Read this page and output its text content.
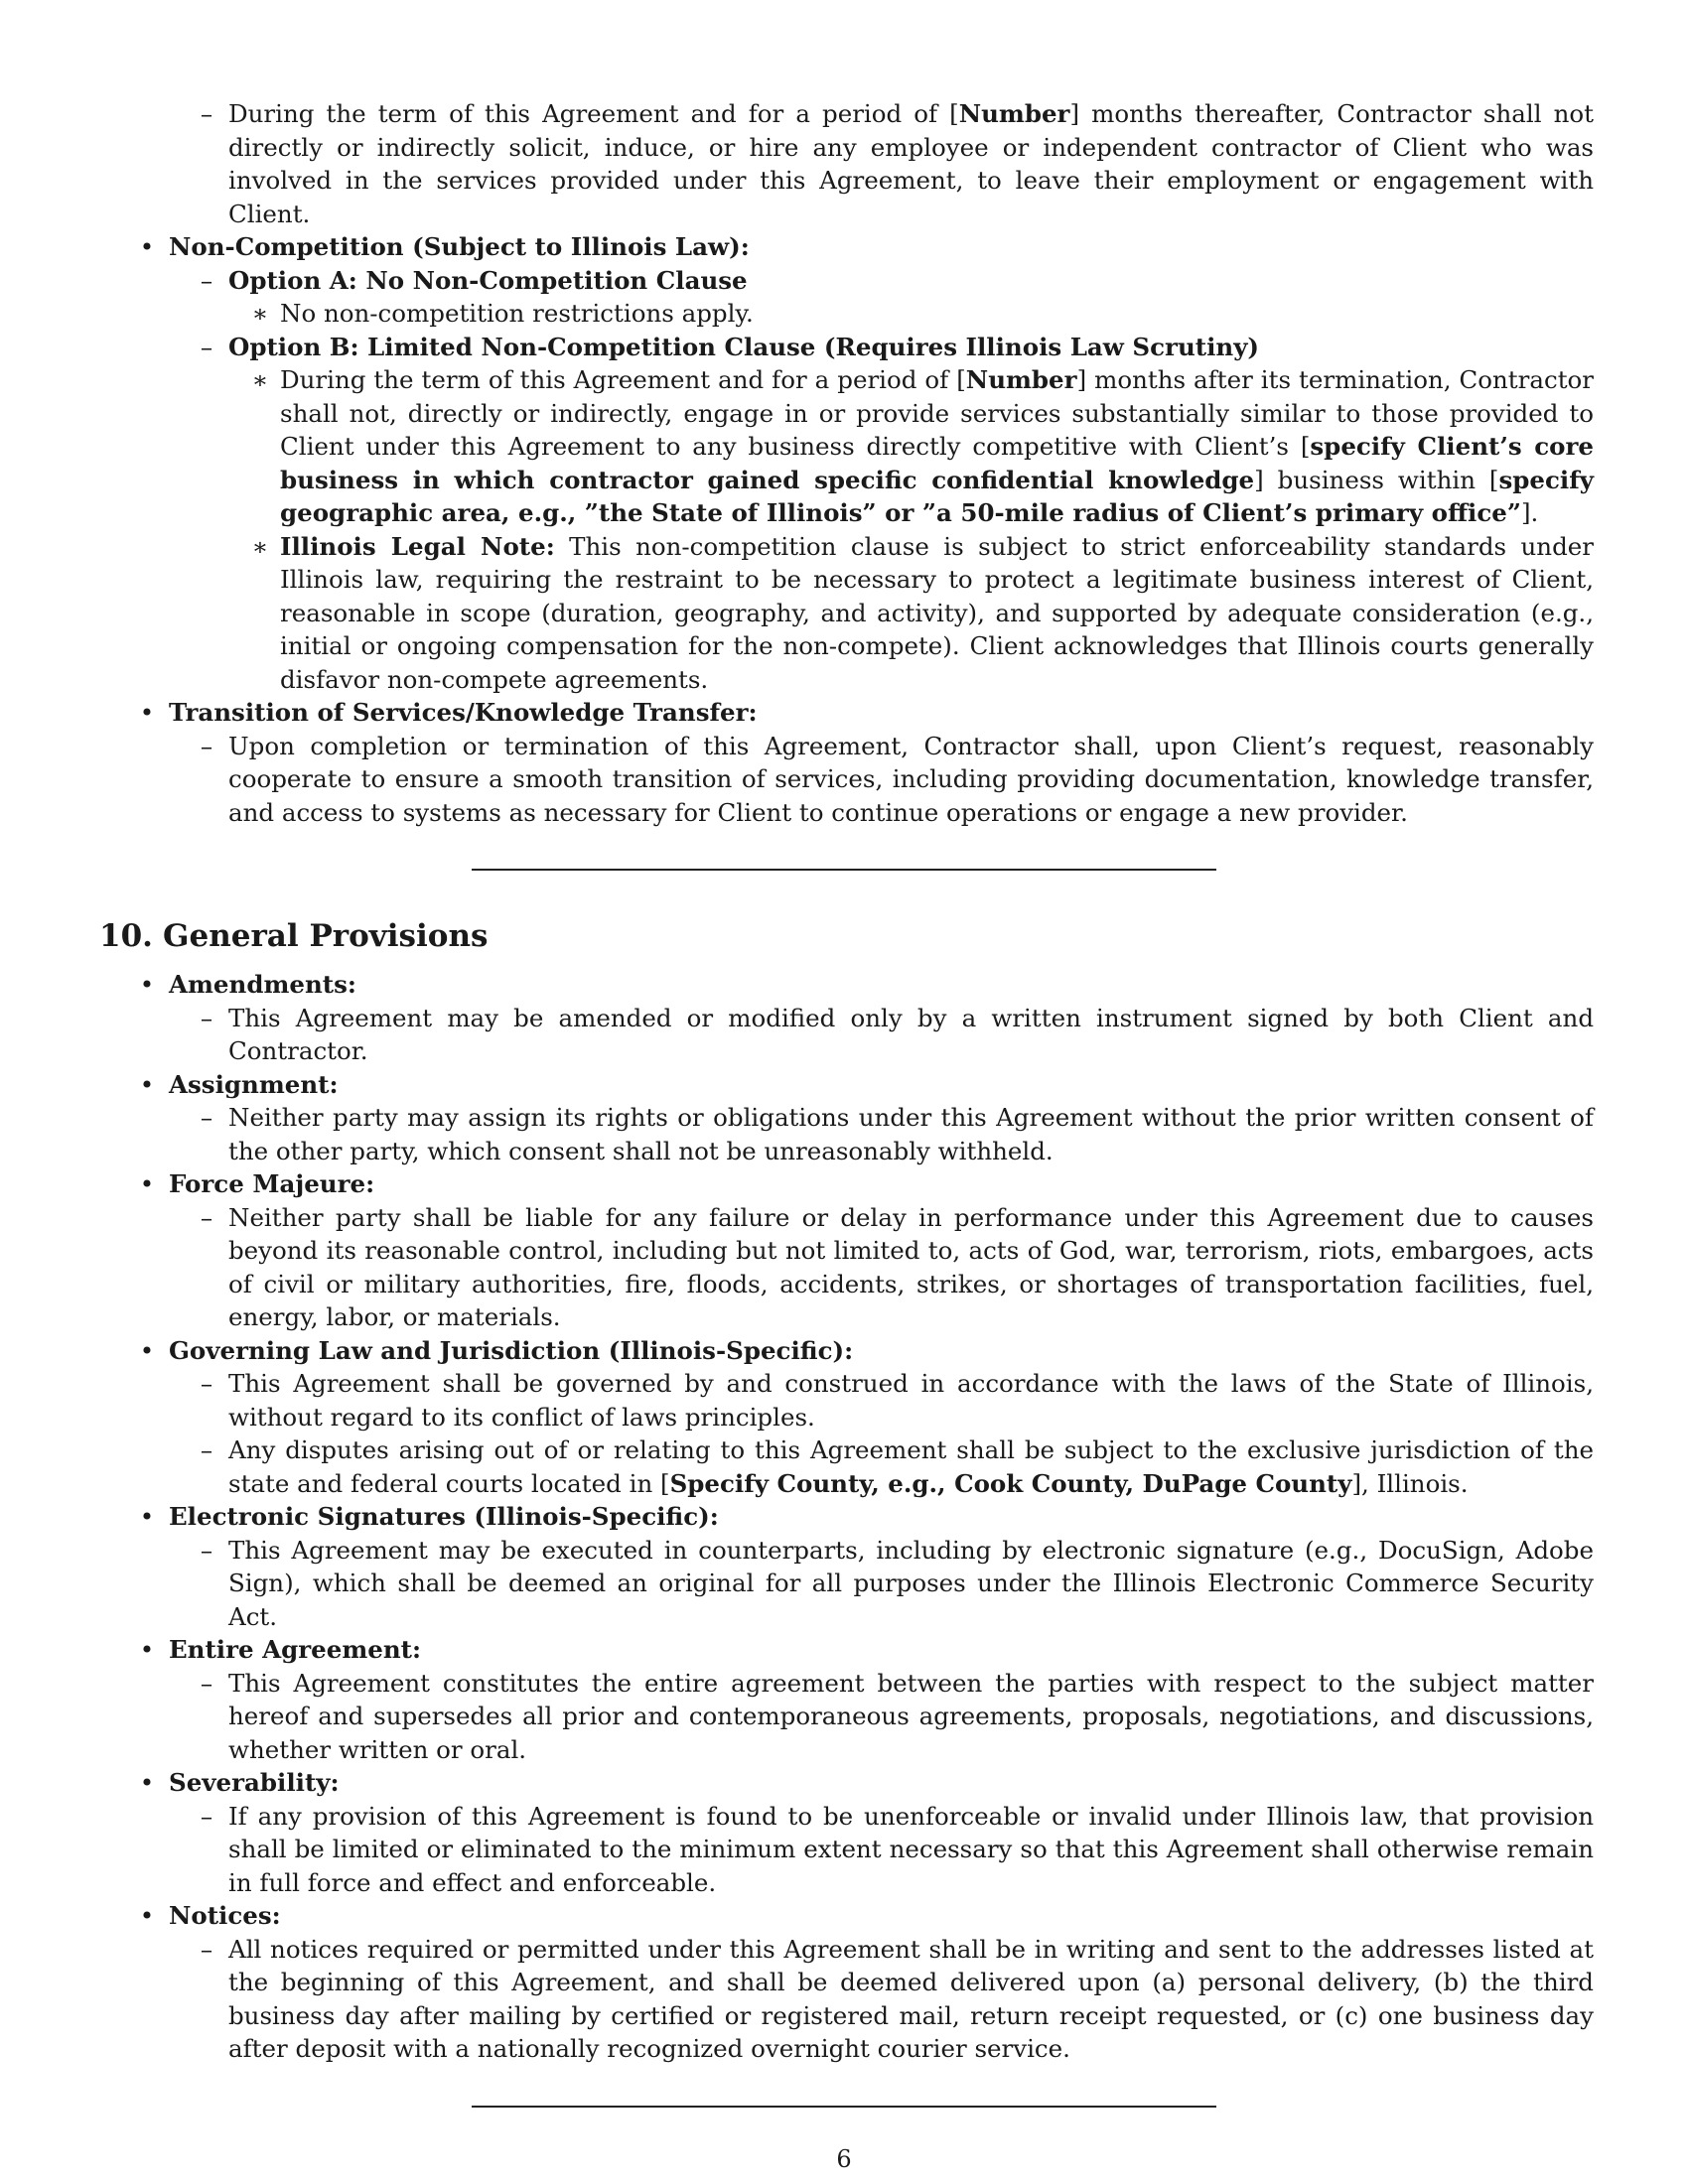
– During the term of this Agreement and for a period of [Number] months thereafter, Contractor shall not directly or indirectly solicit, induce, or hire any employee or independent contractor of Client who was involved in the services provided under this Agreement, to leave their employment or engagement with Client.
• Non-Competition (Subject to Illinois Law):
– Option A: No Non-Competition Clause
∗ No non-competition restrictions apply.
– Option B: Limited Non-Competition Clause (Requires Illinois Law Scrutiny)
∗ During the term of this Agreement and for a period of [Number] months after its termination, Contractor shall not, directly or indirectly, engage in or provide services substantially similar to those provided to Client under this Agreement to any business directly competitive with Client’s [specify Client’s core business in which contractor gained specific confidential knowledge] business within [specify geographic area, e.g., ”the State of Illinois” or ”a 50-mile radius of Client’s primary office”].
∗ Illinois Legal Note: This non-competition clause is subject to strict enforceability standards under Illinois law, requiring the restraint to be necessary to protect a legitimate business interest of Client, reasonable in scope (duration, geography, and activity), and supported by adequate consideration (e.g., initial or ongoing compensation for the non-compete). Client acknowledges that Illinois courts generally disfavor non-compete agreements.
• Transition of Services/Knowledge Transfer:
– Upon completion or termination of this Agreement, Contractor shall, upon Client’s request, reasonably cooperate to ensure a smooth transition of services, including providing documentation, knowledge transfer, and access to systems as necessary for Client to continue operations or engage a new provider.
10. General Provisions
• Amendments:
– This Agreement may be amended or modified only by a written instrument signed by both Client and Contractor.
• Assignment:
– Neither party may assign its rights or obligations under this Agreement without the prior written consent of the other party, which consent shall not be unreasonably withheld.
• Force Majeure:
– Neither party shall be liable for any failure or delay in performance under this Agreement due to causes beyond its reasonable control, including but not limited to, acts of God, war, terrorism, riots, embargoes, acts of civil or military authorities, fire, floods, accidents, strikes, or shortages of transportation facilities, fuel, energy, labor, or materials.
• Governing Law and Jurisdiction (Illinois-Specific):
– This Agreement shall be governed by and construed in accordance with the laws of the State of Illinois, without regard to its conflict of laws principles.
– Any disputes arising out of or relating to this Agreement shall be subject to the exclusive jurisdiction of the state and federal courts located in [Specify County, e.g., Cook County, DuPage County], Illinois.
• Electronic Signatures (Illinois-Specific):
– This Agreement may be executed in counterparts, including by electronic signature (e.g., DocuSign, Adobe Sign), which shall be deemed an original for all purposes under the Illinois Electronic Commerce Security Act.
• Entire Agreement:
– This Agreement constitutes the entire agreement between the parties with respect to the subject matter hereof and supersedes all prior and contemporaneous agreements, proposals, negotiations, and discussions, whether written or oral.
• Severability:
– If any provision of this Agreement is found to be unenforceable or invalid under Illinois law, that provision shall be limited or eliminated to the minimum extent necessary so that this Agreement shall otherwise remain in full force and effect and enforceable.
• Notices:
– All notices required or permitted under this Agreement shall be in writing and sent to the addresses listed at the beginning of this Agreement, and shall be deemed delivered upon (a) personal delivery, (b) the third business day after mailing by certified or registered mail, return receipt requested, or (c) one business day after deposit with a nationally recognized overnight courier service.
6
